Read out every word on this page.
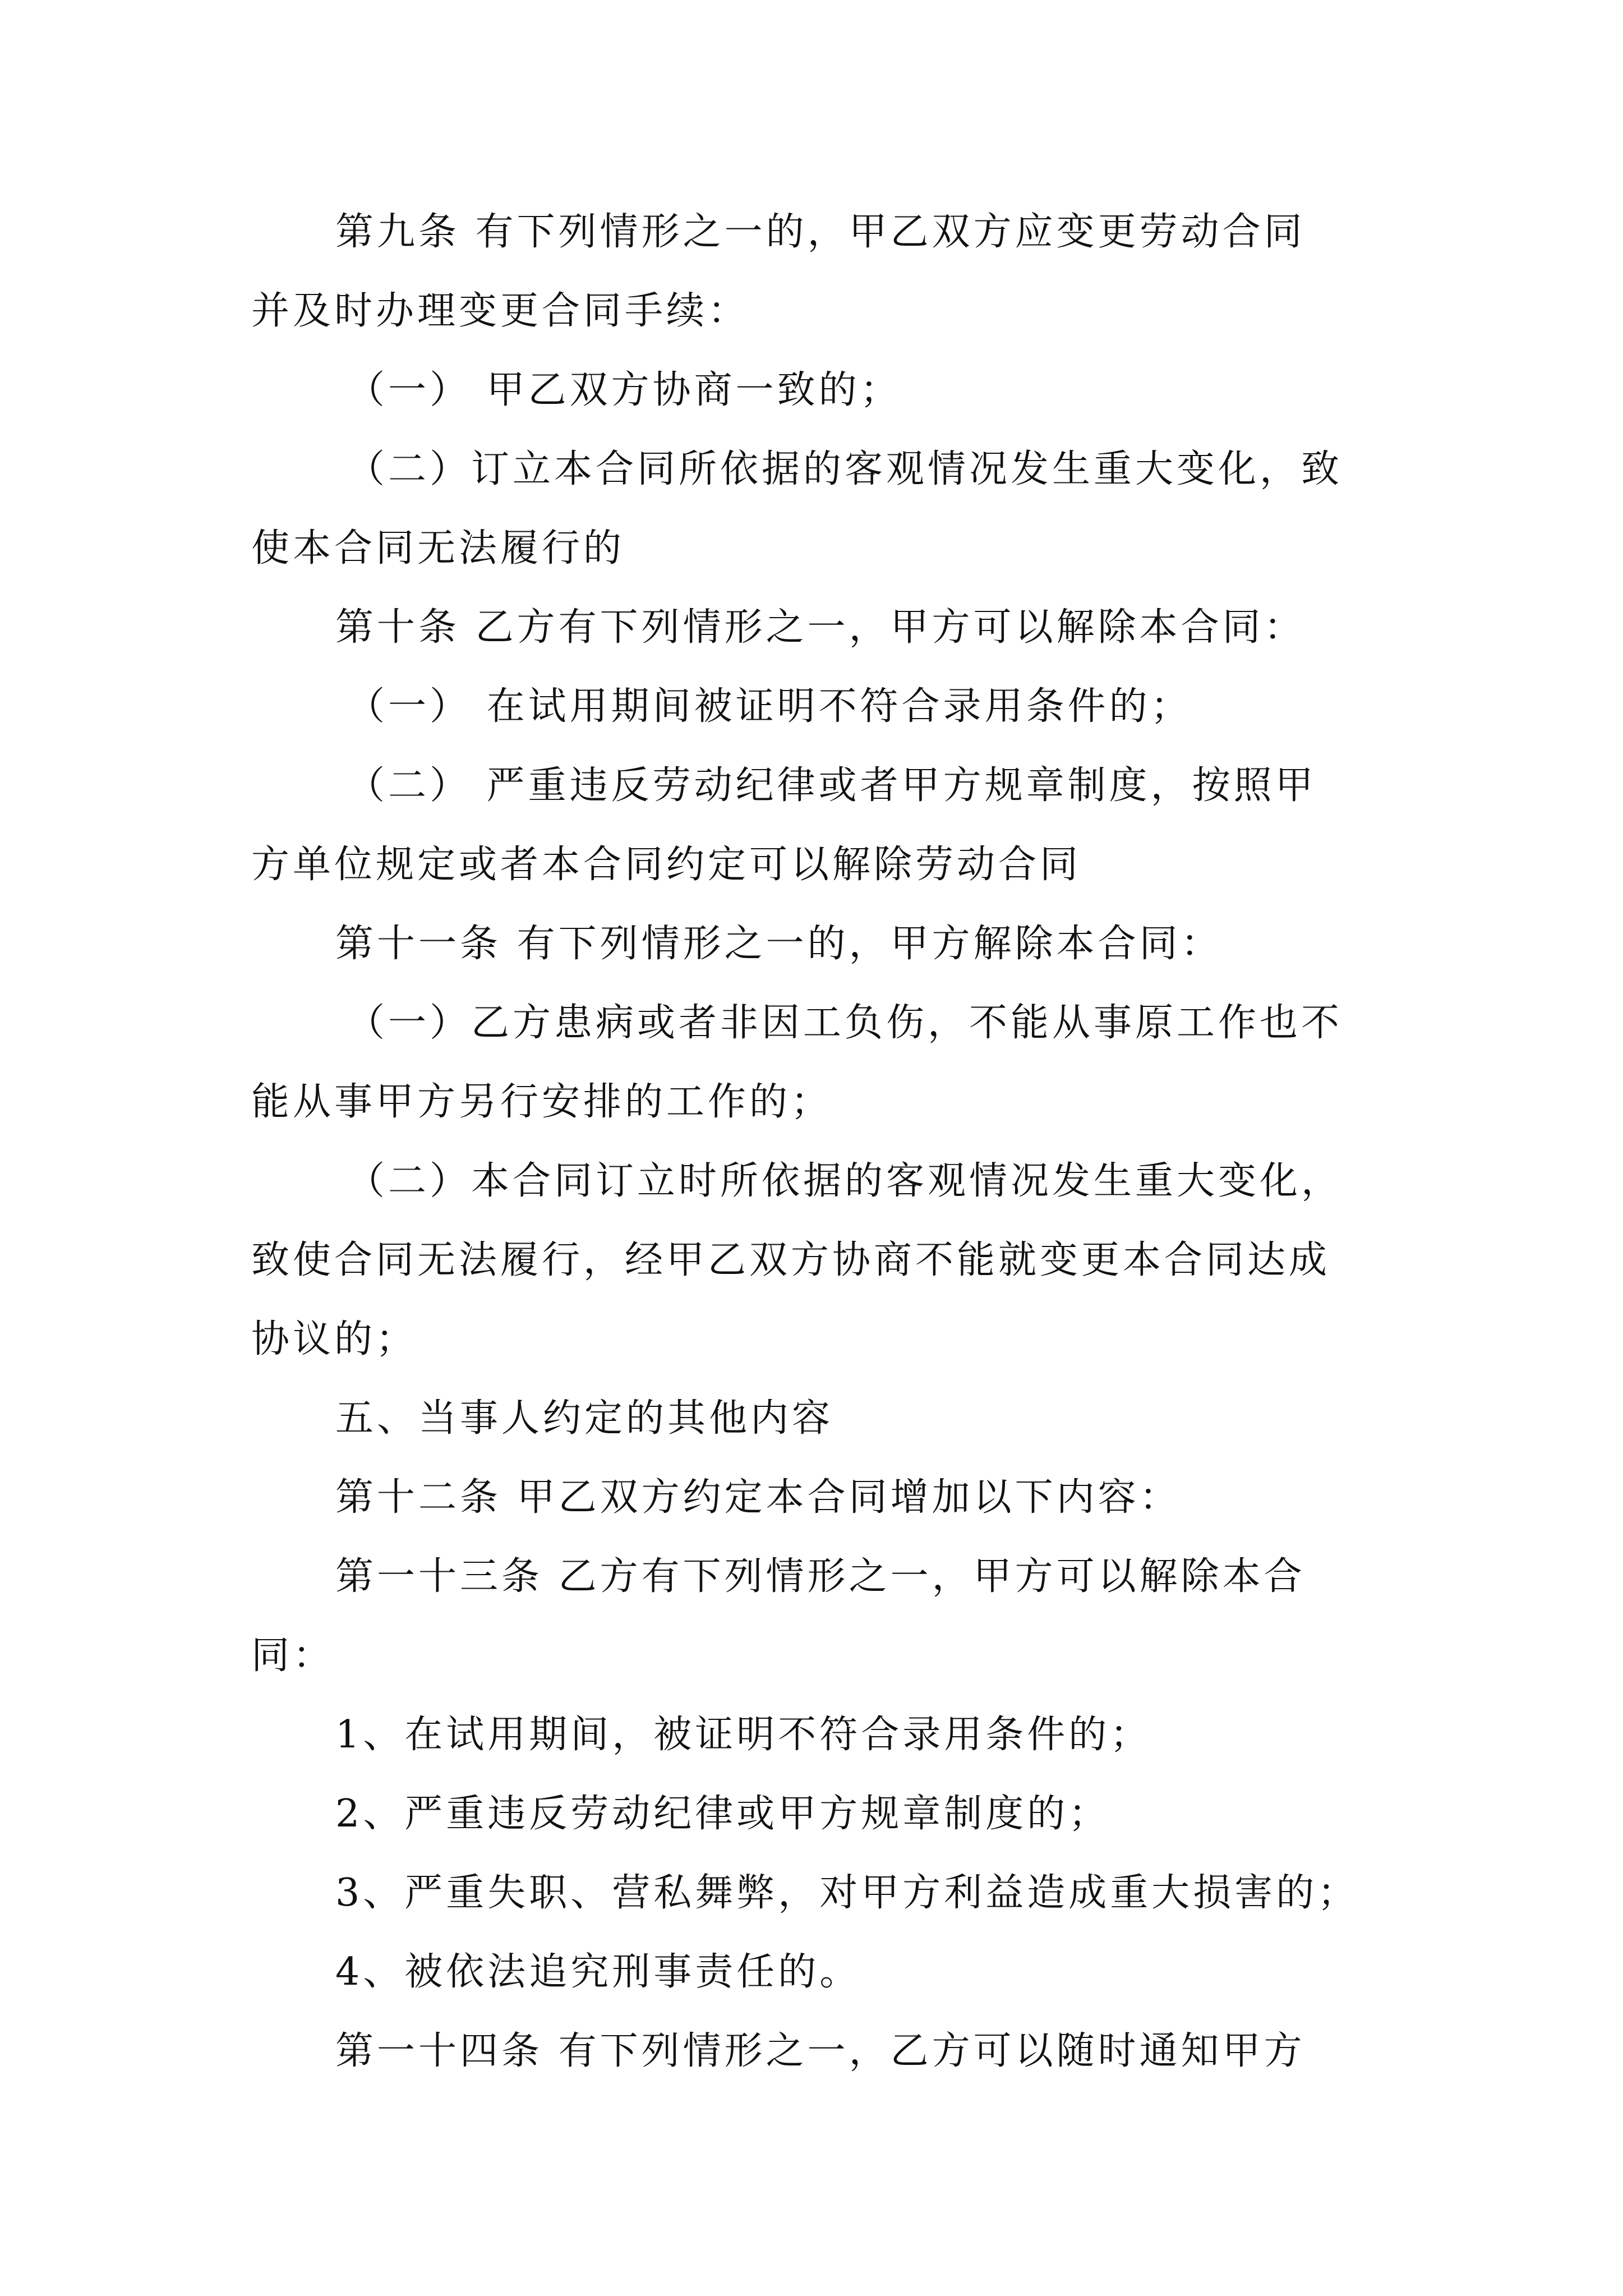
第九条 有下列情形之一的，甲乙双方应变更劳动合同
并及时办理变更合同手续：
（一） 甲乙双方协商一致的；
（二）订立本合同所依据的客观情况发生重大变化，致
使本合同无法履行的
第十条 乙方有下列情形之一，甲方可以解除本合同：
（一） 在试用期间被证明不符合录用条件的；
（二） 严重违反劳动纪律或者甲方规章制度，按照甲
方单位规定或者本合同约定可以解除劳动合同
第十一条 有下列情形之一的，甲方解除本合同：
（一）乙方患病或者非因工负伤，不能从事原工作也不
能从事甲方另行安排的工作的；
（二）本合同订立时所依据的客观情况发生重大变化，
致使合同无法履行，经甲乙双方协商不能就变更本合同达成
协议的；
五、当事人约定的其他内容
第十二条 甲乙双方约定本合同增加以下内容：
第一十三条 乙方有下列情形之一，甲方可以解除本合
同：
1、在试用期间，被证明不符合录用条件的；
2、严重违反劳动纪律或甲方规章制度的；
3、严重失职、营私舞弊，对甲方利益造成重大损害的；
4、被依法追究刑事责任的。
第一十四条 有下列情形之一，乙方可以随时通知甲方
